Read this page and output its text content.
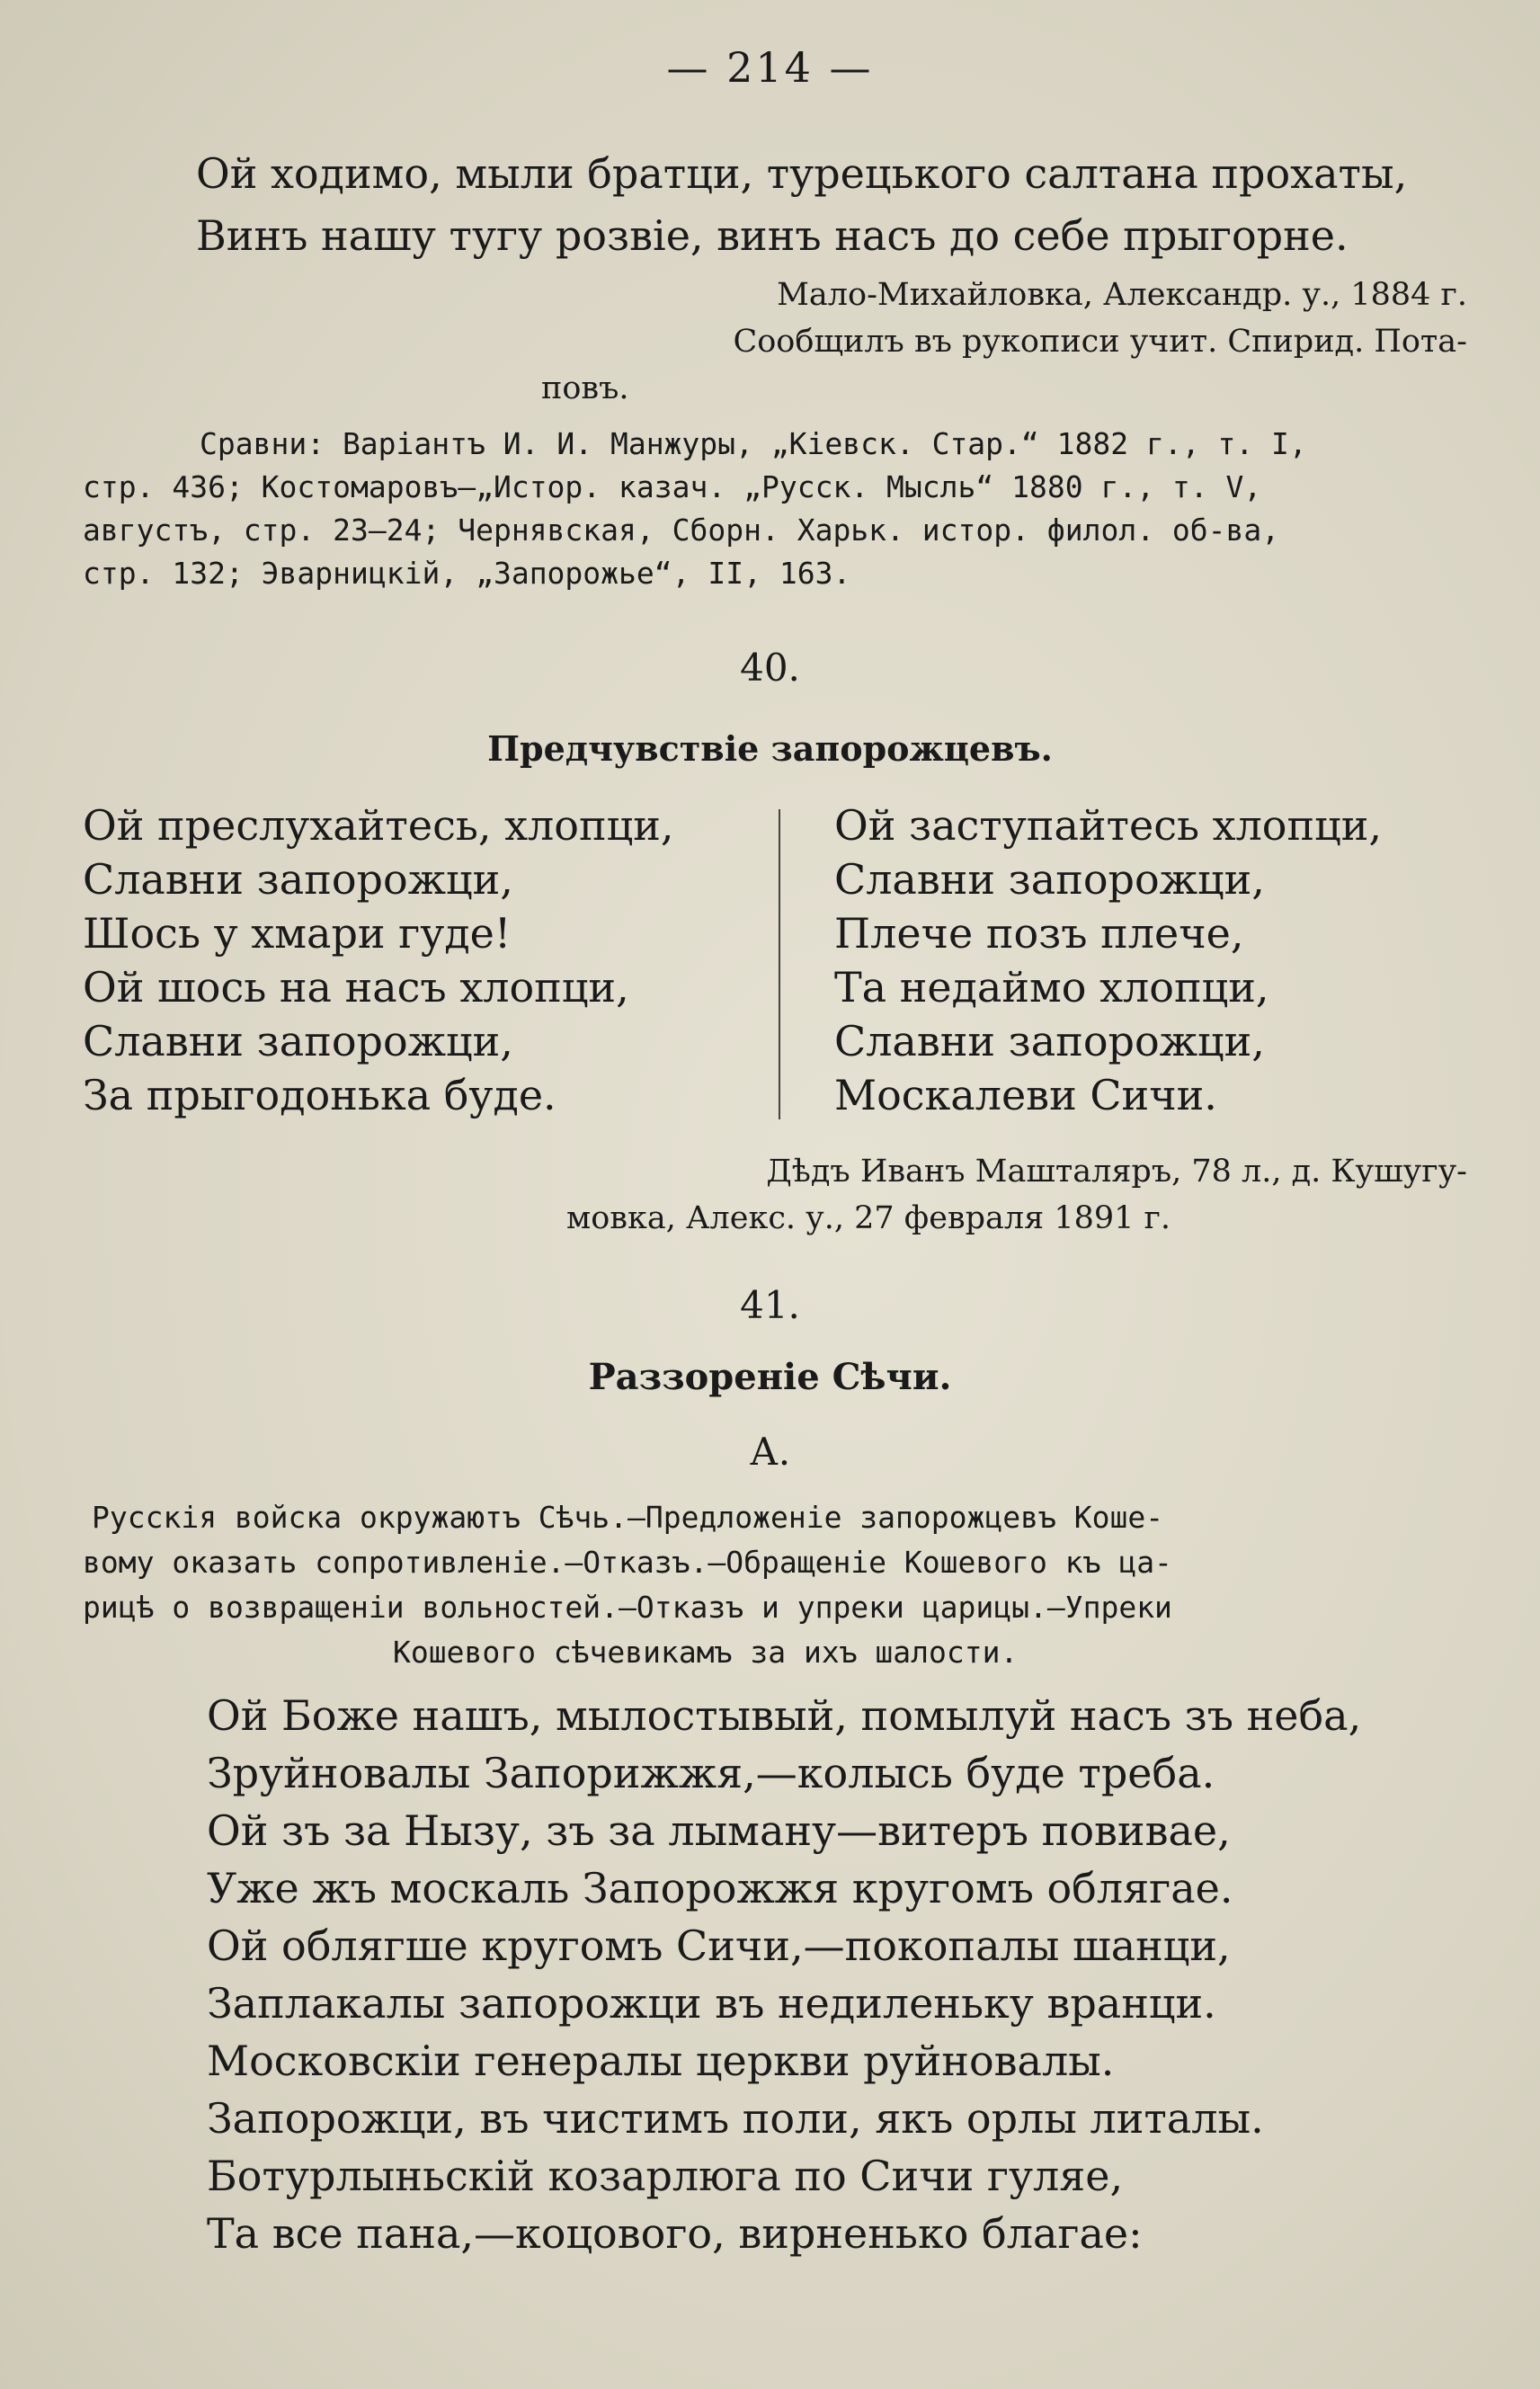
— 214 —
Ой ходимо, мыли братци, турецького салтана прохаты,
Винъ нашу тугу розвіе, винъ насъ до себе прыгорне.
Мало-Михайловка, Александр. у., 1884 г.
Сообщилъ въ рукописи учит. Спирид. Пота-
повъ.
Сравни: Варіантъ И. И. Манжуры, „Кіевск. Стар.“ 1882 г., т. I,
стр. 436; Костомаровъ—„Истор. казач. „Русск. Мысль“ 1880 г., т. V,
августъ, стр. 23—24; Чернявская, Сборн. Харьк. истор. филол. об-ва,
стр. 132; Эварницкій, „Запорожье“, II, 163.
40.
Предчувствіе запорожцевъ.
Ой преслухайтесь, хлопци,
Славни запорожци,
Шось у хмари гуде!
Ой шось на насъ хлопци,
Славни запорожци,
За прыгодонька буде.
Ой заступайтесь хлопци,
Славни запорожци,
Плече позъ плече,
Та недаймо хлопци,
Славни запорожци,
Москалеви Сичи.
Дѣдъ Иванъ Машталяръ, 78 л., д. Кушугу-
мовка, Алекс. у., 27 февраля 1891 г.
41.
Раззореніе Сѣчи.
А.
Русскія войска окружаютъ Сѣчь.—Предложеніе запорожцевъ Коше-
вому оказать сопротивленіе.—Отказъ.—Обращеніе Кошевого къ ца-
рицѣ о возвращеніи вольностей.—Отказъ и упреки царицы.—Упреки
Кошевого сѣчевикамъ за ихъ шалости.
Ой Боже нашъ, мылостывый, помылуй насъ зъ неба,
Зруйновалы Запорижжя,—колысь буде треба.
Ой зъ за Нызу, зъ за лыману—витеръ повивае,
Уже жъ москаль Запорожжя кругомъ облягае.
Ой облягше кругомъ Сичи,—покопалы шанци,
Заплакалы запорожци въ недиленьку вранци.
Московскіи генералы церкви руйновалы.
Запорожци, въ чистимъ поли, якъ орлы литалы.
Ботурлыньскій козарлюга по Сичи гуляе,
Та все пана,—коцового, вирненько благае:
